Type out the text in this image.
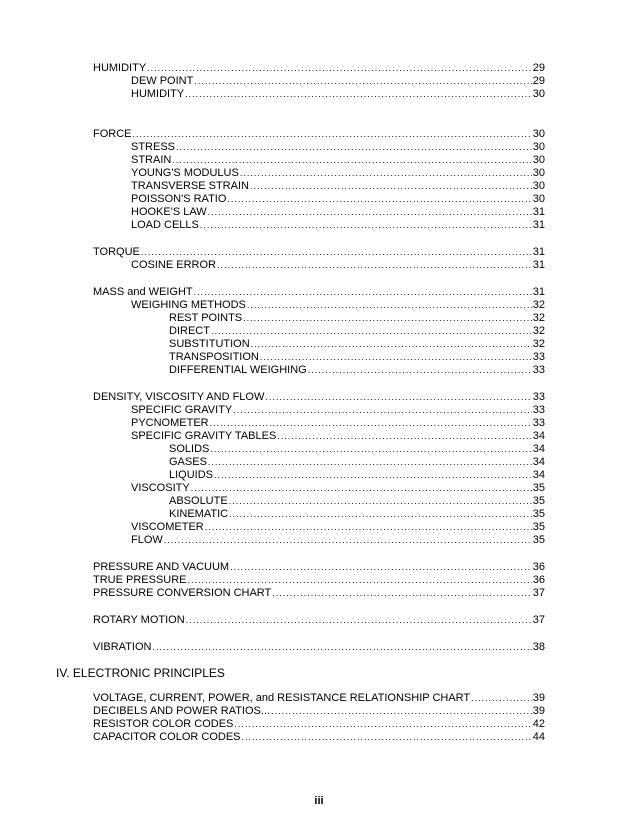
HUMIDITY .....	29
DEW POINT .....	29
HUMIDITY .....	30
FORCE .....	30
STRESS .....	30
STRAIN .....	30
YOUNG'S MODULUS .....	30
TRANSVERSE STRAIN .....	30
POISSON'S RATIO .....	30
HOOKE'S LAW .....	31
LOAD CELLS .....	31
TORQUE .....	31
COSINE ERROR .....	31
MASS and WEIGHT .....	31
WEIGHING METHODS .....	32
REST POINTS .....	32
DIRECT .....	32
SUBSTITUTION .....	32
TRANSPOSITION .....	33
DIFFERENTIAL WEIGHING .....	33
DENSITY, VISCOSITY AND FLOW .....	33
SPECIFIC GRAVITY .....	33
PYCNOMETER .....	33
SPECIFIC GRAVITY TABLES .....	34
SOLIDS .....	34
GASES .....	34
LIQUIDS .....	34
VISCOSITY .....	35
ABSOLUTE .....	35
KINEMATIC .....	35
VISCOMETER .....	35
FLOW .....	35
PRESSURE AND VACUUM .....	36
TRUE PRESSURE .....	36
PRESSURE CONVERSION CHART .....	37
ROTARY MOTION .....	37
VIBRATION .....	38
VOLTAGE, CURRENT, POWER, and RESISTANCE RELATIONSHIP CHART .....	39
DECIBELS AND POWER RATIOS... .....	39
RESISTOR COLOR CODES .....	42
CAPACITOR COLOR CODES .....	44
IV. ELECTRONIC PRINCIPLES
iii
